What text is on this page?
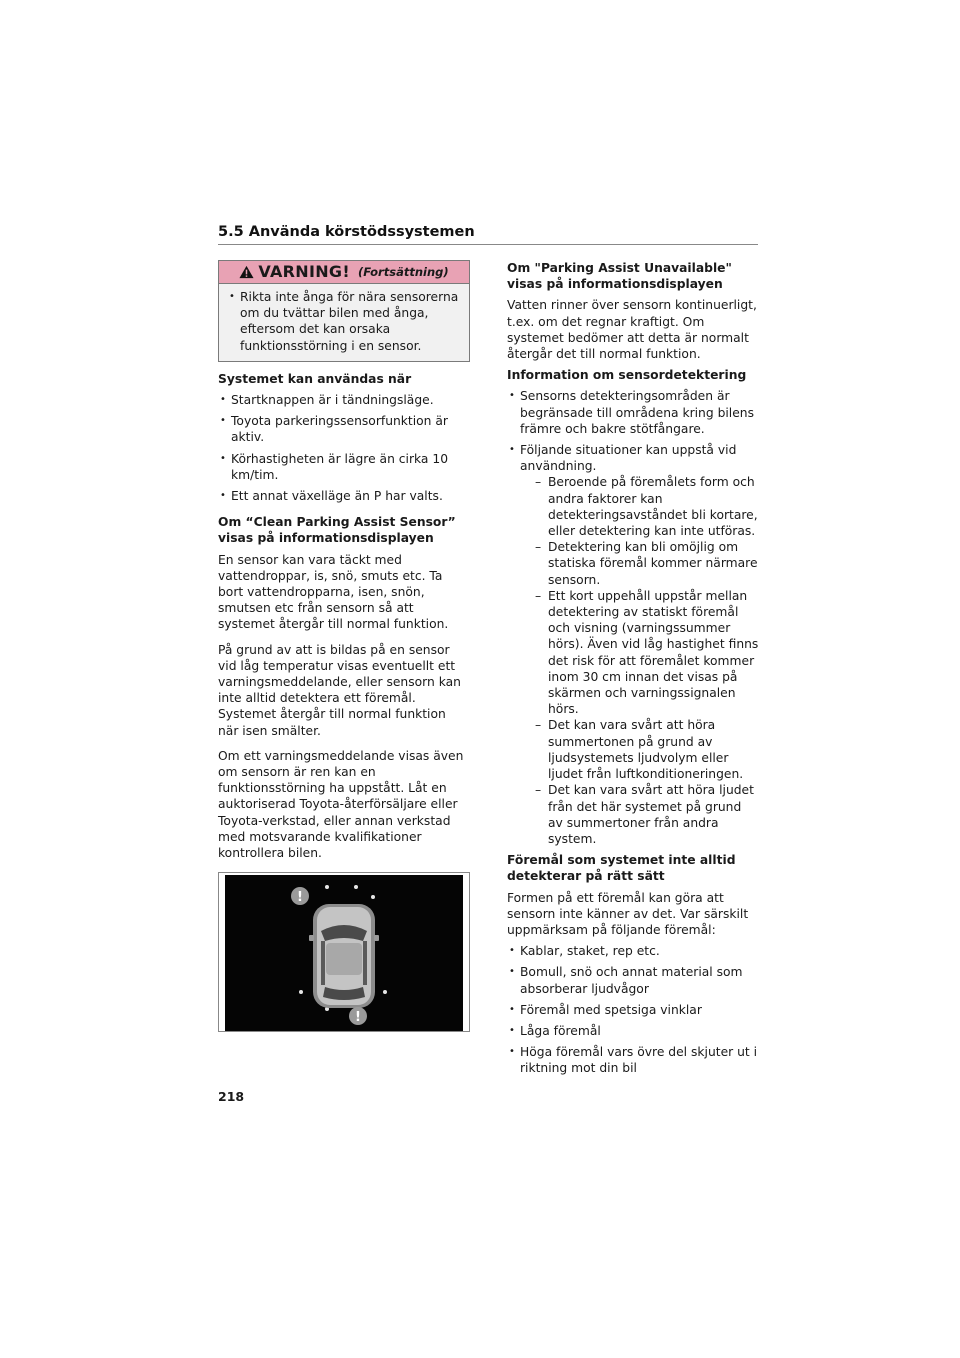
5.5 Använda körstödssystemen
VARNING! (Fortsättning)
• Rikta inte ånga för nära sensorerna om du tvättar bilen med ånga, eftersom det kan orsaka funktionsstörning i en sensor.

Systemet kan användas när

• Startknappen är i tändningsläge.
• Toyota parkeringssensorfunktion är aktiv.
• Körhastigheten är lägre än cirka 10 km/tim.
• Ett annat växelläge än P har valts.

Om “Clean Parking Assist Sensor” visas på informationsdisplayen

En sensor kan vara täckt med vattendroppar, is, snö, smuts etc. Ta bort vattendropparna, isen, snön, smutsen etc från sensorn så att systemet återgår till normal funktion.

På grund av att is bildas på en sensor vid låg temperatur visas eventuellt ett varningsmeddelande, eller sensorn kan inte alltid detektera ett föremål. Systemet återgår till normal funktion när isen smälter.

Om ett varningsmeddelande visas även om sensorn är ren kan en funktionsstörning ha uppstått. Låt en auktoriserad Toyota-återförsäljare eller Toyota-verkstad, eller annan verkstad med motsvarande kvalifikationer kontrollera bilen.

!
!

Om "Parking Assist Unavailable" visas på informationsdisplayen

Vatten rinner över sensorn kontinuerligt, t.ex. om det regnar kraftigt. Om systemet bedömer att detta är normalt återgår det till normal funktion.

Information om sensordetektering

• Sensorns detekteringsområden är begränsade till områdena kring bilens främre och bakre stötfångare.
• Följande situationer kan uppstå vid användning.
– Beroende på föremålets form och andra faktorer kan detekteringsavståndet bli kortare, eller detektering kan inte utföras.
– Detektering kan bli omöjlig om statiska föremål kommer närmare sensorn.
– Ett kort uppehåll uppstår mellan detektering av statiskt föremål och visning (varningssummer hörs). Även vid låg hastighet finns det risk för att föremålet kommer inom 30 cm innan det visas på skärmen och varningssignalen hörs.
– Det kan vara svårt att höra summertonen på grund av ljudsystemets ljudvolym eller ljudet från luftkonditioneringen.
– Det kan vara svårt att höra ljudet från det här systemet på grund av summertoner från andra system.

Föremål som systemet inte alltid detekterar på rätt sätt

Formen på ett föremål kan göra att sensorn inte känner av det. Var särskilt uppmärksam på följande föremål:

• Kablar, staket, rep etc.
• Bomull, snö och annat material som absorberar ljudvågor
• Föremål med spetsiga vinklar
• Låga föremål
• Höga föremål vars övre del skjuter ut i riktning mot din bil
218
